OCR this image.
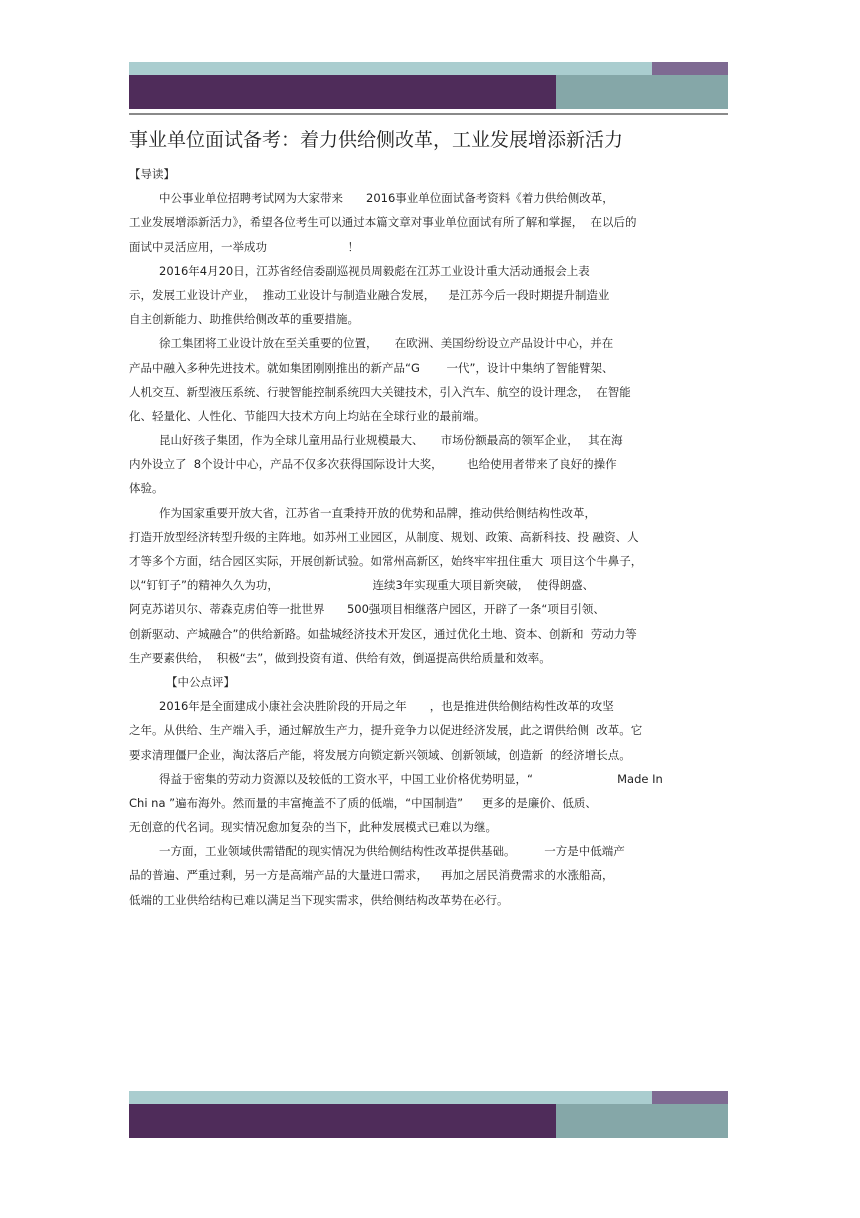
事业单位面试备考：着力供给侧改革，工业发展增添新活力
【导读】
中公事业单位招聘考试网为大家带来　　2016事业单位面试备考资料《着力供给侧改革，
工业发展增添新活力》，希望各位考生可以通过本篇文章对事业单位面试有所了解和掌握，  在以后的
面试中灵活应用，一举成功　　　　　　　！
2016年4月20日，江苏省经信委副巡视员周毅彪在江苏工业设计重大活动通报会上表
示，发展工业设计产业，  推动工业设计与制造业融合发展，　  是江苏今后一段时期提升制造业
自主创新能力、助推供给侧改革的重要措施。
徐工集团将工业设计放在至关重要的位置，　　在欧洲、美国纷纷设立产品设计中心，并在
产品中融入多种先进技术。就如集团刚刚推出的新产品“G　　 一代”，设计中集纳了智能臂架、
人机交互、新型液压系统、行驶智能控制系统四大关键技术，引入汽车、航空的设计理念，  在智能
化、轻量化、人性化、节能四大技术方向上均站在全球行业的最前端。
昆山好孩子集团，作为全球儿童用品行业规模最大、　　市场份额最高的领军企业，　 其在海
内外设立了  8个设计中心，产品不仅多次获得国际设计大奖，　　  也给使用者带来了良好的操作
体验。
作为国家重要开放大省，江苏省一直秉持开放的优势和品牌，推动供给侧结构性改革，
打造开放型经济转型升级的主阵地。如苏州工业园区，从制度、规划、政策、高新科技、投 融资、人
才等多个方面，结合园区实际，开展创新试验。如常州高新区，始终牢牢扭住重大  项目这个牛鼻子，
以“钉钉子”的精神久久为功，　　　　　　　　  连续3年实现重大项目新突破，  使得朗盛、
阿克苏诺贝尔、蒂森克虏伯等一批世界　   500强项目相继落户园区，开辟了一条“项目引领、
创新驱动、产城融合”的供给新路。如盐城经济技术开发区，通过优化土地、资本、创新和  劳动力等
生产要素供给，  积极“去”，做到投资有道、供给有效，倒逼提高供给质量和效率。
【中公点评】
2016年是全面建成小康社会决胜阶段的开局之年　　，也是推进供给侧结构性改革的攻坚
之年。从供给、生产端入手，通过解放生产力，提升竞争力以促进经济发展，此之谓供给侧  改革。它
要求清理僵尸企业，淘汰落后产能，将发展方向锁定新兴领域、创新领域，创造新  的经济增长点。
得益于密集的劳动力资源以及较低的工资水平，中国工业价格优势明显，“　　　　　　　 Made In
Chi na ”遍布海外。然而量的丰富掩盖不了质的低端，“中国制造”　  更多的是廉价、低质、
无创意的代名词。现实情况愈加复杂的当下，此种发展模式已难以为继。
一方面，工业领域供需错配的现实情况为供给侧结构性改革提供基础。　　　一方是中低端产
品的普遍、严重过剩，另一方是高端产品的大量进口需求，　  再加之居民消费需求的水涨船高，
低端的工业供给结构已难以满足当下现实需求，供给侧结构改革势在必行。
